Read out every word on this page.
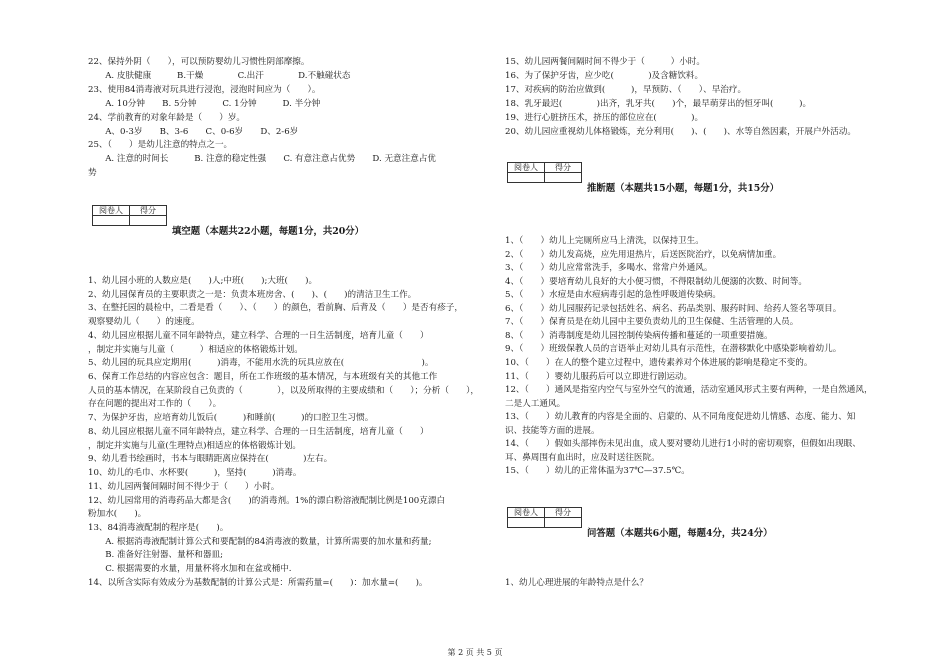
22、保持外阴（　　），可以预防婴幼儿习惯性阴部摩擦。
　　A. 皮肤健康　　　B.干燥　　　　C.出汗　　　　D.不触碰状态
23、使用84消毒液对玩具进行浸泡，浸泡时间应为（　　）。
　　A. 10分钟　　B. 5分钟　　　C. 1分钟　　　D. 半分钟
24、学前教育的对象年龄是（　　）岁。
　　A、0-3岁　　B、3-6　　C、0-6岁　　D、2-6岁
25、（　　）是幼儿注意的特点之一。
　　A. 注意的时间长　　　B. 注意的稳定性强　　C. 有意注意占优势　　D. 无意注意占优
势
阅卷人	得分

填空题（本题共22小题，每题1分，共20分）
1、幼儿园小班的人数应是(　　)人;中班(　　);大班(　　)。
2、幼儿园保育员的主要职责之一是：负责本班房舍、(　　)、(　　)的清洁卫生工作。
3、在整托园的晨检中，二看是看（　　）、（　　）的颜色，看前胸、后背及（　　）是否有疹子，
观察婴幼儿（　　）的速度。
4、幼儿园应根据儿童不同年龄特点，建立科学、合理的一日生活制度，培育儿童（　　）
，制定并实施与儿童（　　　）相适应的体格锻炼计划。
5、幼儿园的玩具应定期用(　　　)消毒，不能用水洗的玩具应放在(　　　　　　　　　)。
6、保育工作总结的内容应包含：题目，所在工作班级的基本情况，与本班级有关的其他工作
人员的基本情况，在某阶段自己负责的（　　　　），以及所取得的主要成绩和（　　）；分析（　　），
存在问题的提出对工作的（　　）。
7、为保护牙齿，应培育幼儿饭后(　　　)和睡前(　　　)的口腔卫生习惯。
8、幼儿园应根据儿童不同年龄特点，建立科学、合理的一日生活制度，培育儿童（　　）
，制定并实施与儿童(生理特点)相适应的体格锻炼计划。
9、幼儿看书绘画时，书本与眼睛距离应保持在(　　　　)左右。
10、幼儿的毛巾、水杯要(　　　)，坚持(　　　)消毒。
11、幼儿园两餐间隔时间不得少于（　　）小时。
12、幼儿园常用的消毒药品大都是含(　　)的消毒剂。1%的漂白粉溶液配制比例是100克漂白
粉加水(　　)。
13、84消毒液配制的程序是(　　)。
　　A. 根据消毒液配制计算公式和要配制的84消毒液的数量，计算所需要的加水量和药量;
　　B. 准备好注射器、量杯和器皿;
　　C. 根据需要的水量，用量杯将水加和在盆或桶中.
14、以所含实际有效成分为基数配制的计算公式是：所需药量=(　　)：加水量=(　　)。
15、幼儿园两餐间隔时间不得少于（　　　）小时。
16、为了保护牙齿，应少吃(　　　　)及含糖饮料。
17、对疾病的防治应做到(　　　)，早预防、（　　）、早治疗。
18、乳牙最迟(　　　　)出齐，乳牙共(　　)个，最早萌芽出的恒牙叫(　　　)。
19、进行心脏挤压术，挤压的部位应在(　　　　)。
20、幼儿园应重视幼儿体格锻炼，充分利用(　　)、(　　)、水等自然因素，开展户外活动。
阅卷人	得分

推断题（本题共15小题，每题1分，共15分）
1、（　　）幼儿上完厕所应马上清洗，以保持卫生。
2、（　　）幼儿发高烧，应先用退热片，后送医院治疗，以免病情加重。
3、（　　）幼儿应常常洗手，多喝水、常常户外通风。
4、（　　）要培育幼儿良好的大小便习惯，不得限制幼儿便溺的次数、时间等。
5、（　　）水痘是由水痘病毒引起的急性呼吸道传染病。
6、（　　）幼儿园服药记录包括姓名、病名、药品类别、服药时间、给药人签名等项目。
7、（　　）保育员是在幼儿园中主要负责幼儿的卫生保健、生活管理的人员。
8、（　　）消毒制度是幼儿园控制传染病传播和蔓延的一项重要措施。
9、（　　）班级保教人员的言语举止对幼儿具有示范性，在潜移默化中感染影响着幼儿。
10、（　　）在人的整个建立过程中，遗传素养对个体进展的影响是稳定不变的。
11、（　　）婴幼儿服药后可以立即进行剧运动。
12、（　　）通风是指室内空气与室外空气的流通，活动室通风形式主要有两种，一是自然通风，
二是人工通风。
13、（　　）幼儿教育的内容是全面的、启蒙的、从不同角度促进幼儿情感、态度、能力、知
识、技能等方面的进展。
14、（　　）假如头部摔伤未见出血，成人要对婴幼儿进行1小时的密切观察，但假如出现眼、
耳、鼻周围有血出时，应及时送往医院。
15、（　　）幼儿的正常体温为37℃—37.5℃。
阅卷人	得分

问答题（本题共6小题，每题4分，共24分）
1、幼儿心理进展的年龄特点是什么？
第 2 页 共 5 页
